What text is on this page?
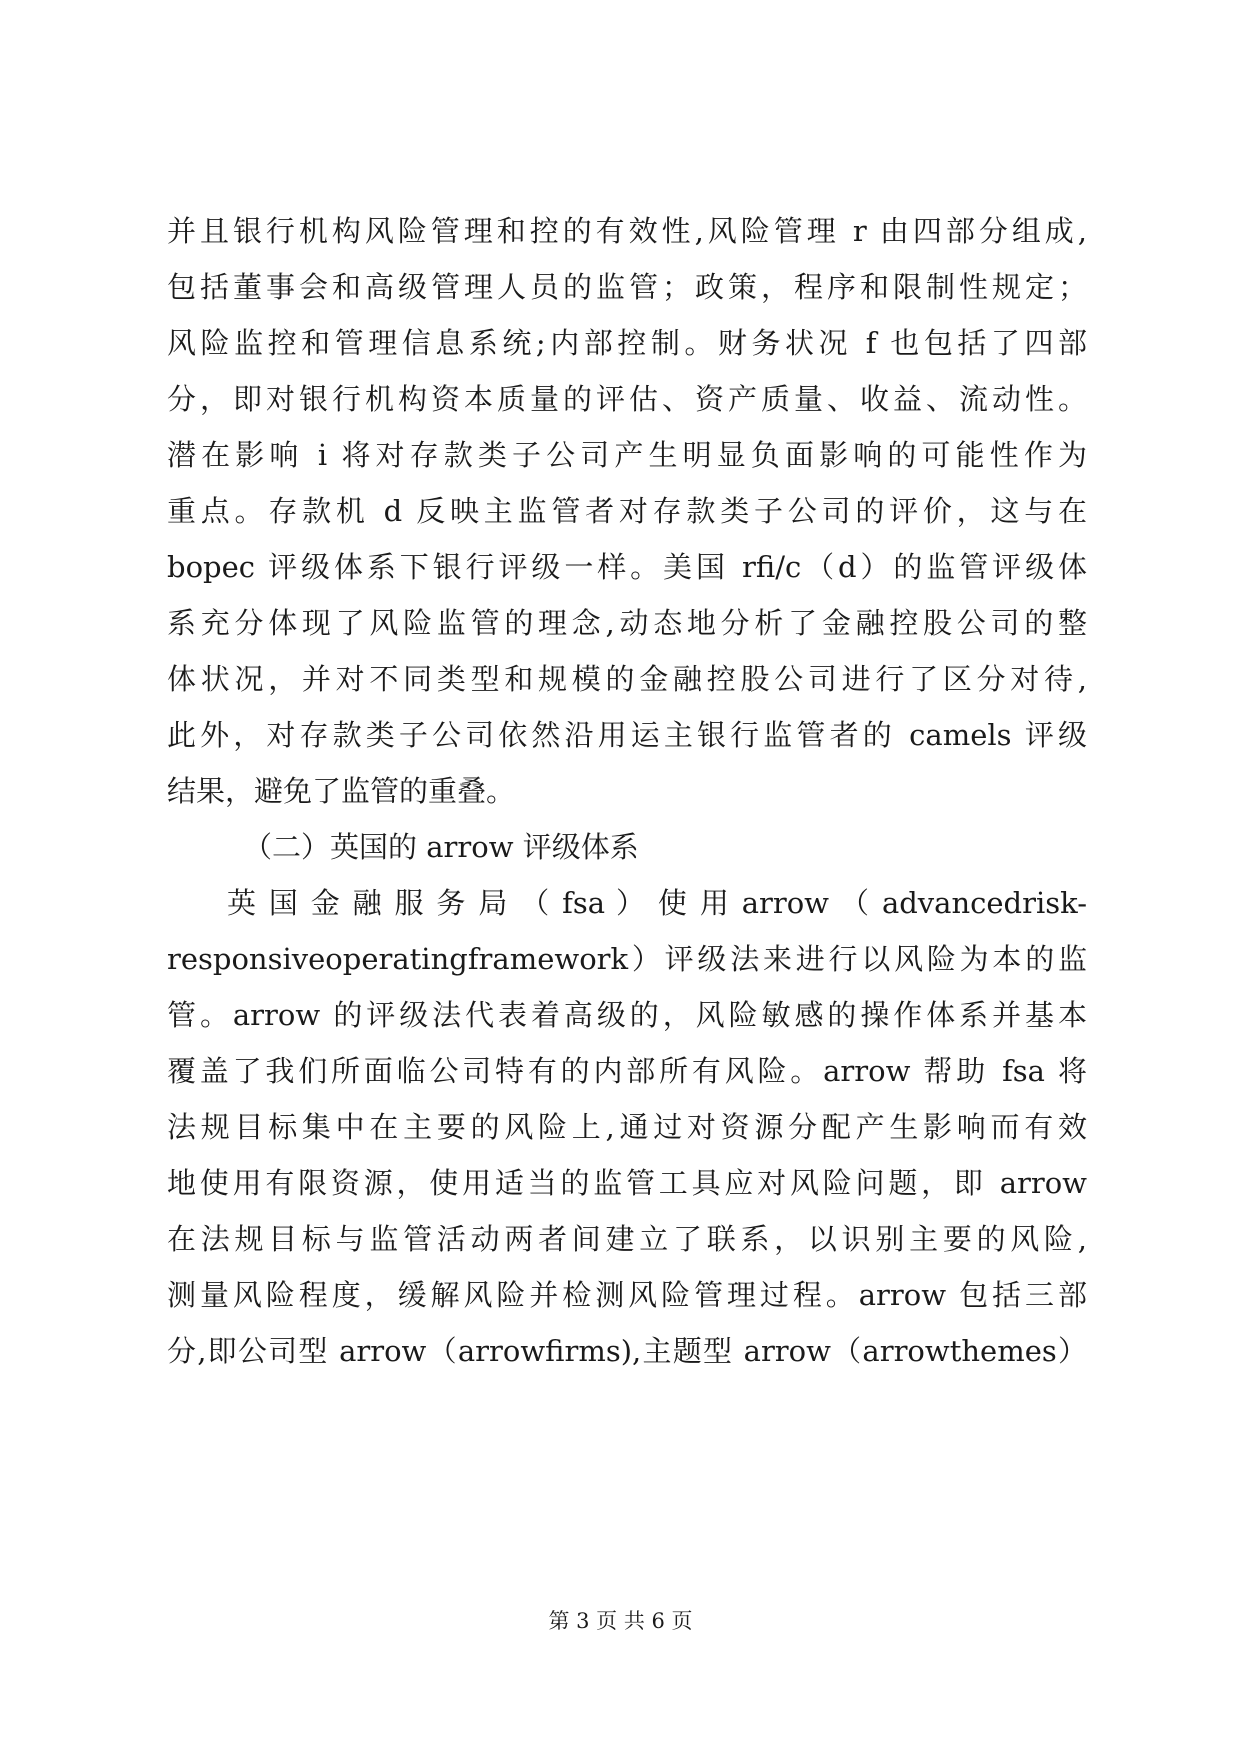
并且银行机构风险管理和控的有效性,风险管理 r 由四部分组成,
包括董事会和高级管理人员的监管；政策，程序和限制性规定；
风险监控和管理信息系统;内部控制。财务状况 f 也包括了四部
分，即对银行机构资本质量的评估、资产质量、收益、流动性。
潜在影响 i 将对存款类子公司产生明显负面影响的可能性作为
重点。存款机 d 反映主监管者对存款类子公司的评价，这与在
bopec 评级体系下银行评级一样。美国 rfi/c（d）的监管评级体
系充分体现了风险监管的理念,动态地分析了金融控股公司的整
体状况，并对不同类型和规模的金融控股公司进行了区分对待,
此外，对存款类子公司依然沿用运主银行监管者的 camels 评级
结果，避免了监管的重叠。
（二）英国的 arrow 评级体系
英 国 金 融 服 务 局 （ fsa ） 使 用 arrow （ advancedrisk-
responsiveoperatingframework）评级法来进行以风险为本的监
管。arrow 的评级法代表着高级的，风险敏感的操作体系并基本
覆盖了我们所面临公司特有的内部所有风险。arrow 帮助 fsa 将
法规目标集中在主要的风险上,通过对资源分配产生影响而有效
地使用有限资源，使用适当的监管工具应对风险问题，即 arrow
在法规目标与监管活动两者间建立了联系，以识别主要的风险,
测量风险程度，缓解风险并检测风险管理过程。arrow 包括三部
分,即公司型 arrow（arrowfirms),主题型 arrow（arrowthemes）
第 3 页 共 6 页
